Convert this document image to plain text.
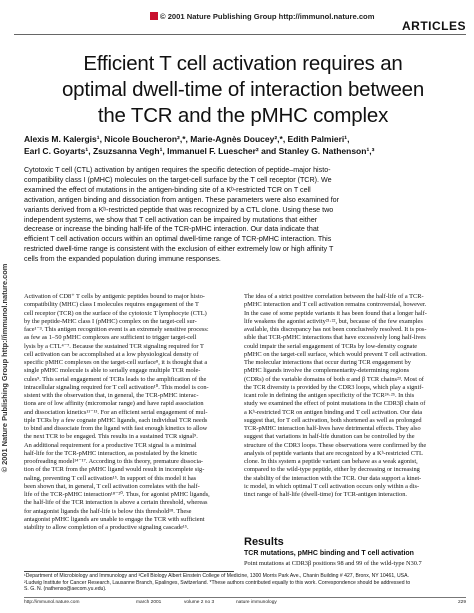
© 2001 Nature Publishing Group http://immunol.nature.com
ARTICLES
© 2001 Nature Publishing Group http://immunol.nature.com
Efficient T cell activation requires an
optimal dwell-time of interaction between
the TCR and the pMHC complex
Alexis M. Kalergis¹, Nicole Boucheron²,*, Marie-Agnès Doucey²,*, Edith Palmieri¹,
Earl C. Goyarts¹, Zsuzsanna Vegh¹, Immanuel F. Luescher² and Stanley G. Nathenson¹,³
Cytotoxic T cell (CTL) activation by antigen requires the specific detection of peptide–major histo-
compatibility class I (pMHC) molecules on the target-cell surface by the T cell receptor (TCR). We
examined the effect of mutations in the antigen-binding site of a Kᵇ-restricted TCR on T cell
activation, antigen binding and dissociation from antigen. These parameters were also examined for
variants derived from a Kᵇ-restricted peptide that was recognized by a CTL clone. Using these two
independent systems, we show that T cell activation can be impaired by mutations that either
decrease or increase the binding half-life of the TCR-pMHC interaction. Our data indicate that
efficient T cell activation occurs within an optimal dwell-time range of TCR-pMHC interaction. This
restricted dwell-time range is consistent with the exclusion of either extremely low or high affinity T
cells from the expanded population during immune responses.
Activation of CD8⁺ T cells by antigenic peptides bound to major histo-
compatibility (MHC) class I molecules requires engagement of the T
cell receptor (TCR) on the surface of the cytotoxic T lymphocyte (CTL)
by the peptide-MHC class I (pMHC) complex on the target-cell sur-
face¹⁻³. This antigen recognition event is an extremely sensitive process:
as few as 1–50 pMHC complexes are sufficient to trigger target-cell
lysis by a CTL⁴⁻⁷. Because the sustained TCR signaling required for T
cell activation can be accomplished at a low physiological density of
specific pMHC complexes on the target-cell surface⁸, it is thought that a
single pMHC molecule is able to serially engage multiple TCR mole-
cules⁹. This serial engagement of TCRs leads to the amplification of the
intracellular signaling required for T cell activation¹⁰. This model is con-
sistent with the observation that, in general, the TCR-pMHC interac-
tions are of low affinity (micromolar range) and have rapid association
and dissociation kinetics¹¹⁻¹³. For an efficient serial engagement of mul-
tiple TCRs by a few cognate pMHC ligands, each individual TCR needs
to bind and dissociate from the ligand with fast enough kinetics to allow
the next TCR to be engaged. This results in a sustained TCR signal⁹.
An additional requirement for a productive TCR signal is a minimal
half-life for the TCR-pMHC interaction, as postulated by the kinetic
proofreading model¹⁴⁻¹⁷. According to this theory, premature dissocia-
tion of the TCR from the pMHC ligand would result in incomplete sig-
naling, preventing T cell activation¹⁵. In support of this model it has
been shown that, in general, T cell activation correlates with the half-
life of the TCR-pMHC interaction¹⁸⁻²⁰. Thus, for agonist pMHC ligands,
the half-life of the TCR interaction is above a certain threshold, whereas
for antagonist ligands the half-life is below this threshold¹⁸. These
antagonist pMHC ligands are unable to engage the TCR with sufficient
stability to allow completion of a productive signaling cascade¹⁵.
The idea of a strict positive correlation between the half-life of a TCR-
pMHC interaction and T cell activation remains controversial, however.
In the case of some peptide variants it has been found that a longer half-
life weakens the agonist activity²¹·²², but, because of the few examples
available, this discrepancy has not been conclusively resolved. It is pos-
sible that TCR-pMHC interactions that have excessively long half-lives
could impair the serial engagement of TCRs by low-density cognate
pMHC on the target-cell surface, which would prevent T cell activation.
The molecular interactions that occur during TCR engagement by
pMHC ligands involve the complementarity-determining regions
(CDRs) of the variable domains of both α and β TCR chains²³. Most of
the TCR diversity is provided by the CDR3 loops, which play a signif-
icant role in defining the antigen specificity of the TCR²⁴·²⁵. In this
study we examined the effect of point mutations in the CDR3β chain of
a Kᵇ-restricted TCR on antigen binding and T cell activation. Our data
suggest that, for T cell activation, both shortened as well as prolonged
TCR-pMHC interaction half-lives have detrimental effects. They also
suggest that variations in half-life duration can be controlled by the
structure of the CDR3 loops. These observations were confirmed by the
analysis of peptide variants that are recognized by a Kᵇ-restricted CTL
clone. In this system a peptide variant can behave as a weak agonist,
compared to the wild-type peptide, either by decreasing or increasing
the stability of the interaction with the TCR. Our data support a kinet-
ic model, in which optimal T cell activation occurs only within a dis-
tinct range of half-life (dwell-time) for TCR-antigen interaction.
Results
TCR mutations, pMHC binding and T cell activation
Point mutations at CDR3β positions 98 and 99 of the wild-type N30.7
¹Department of Microbiology and Immunology and ³Cell Biology Albert Einstein College of Medicine, 1300 Morris Park Ave., Chanin Building # 427, Bronx, NY 10461, USA.
²Ludwig Institute for Cancer Research, Lausanne Branch, Epalinges, Switzerland. *These authors contributed equally to this work. Correspondence should be addressed to
S. G. N. (nathenso@aecom.yu.edu).
http://immunol.nature.com	march 2001	volume 2 no 3	nature immunology	229
